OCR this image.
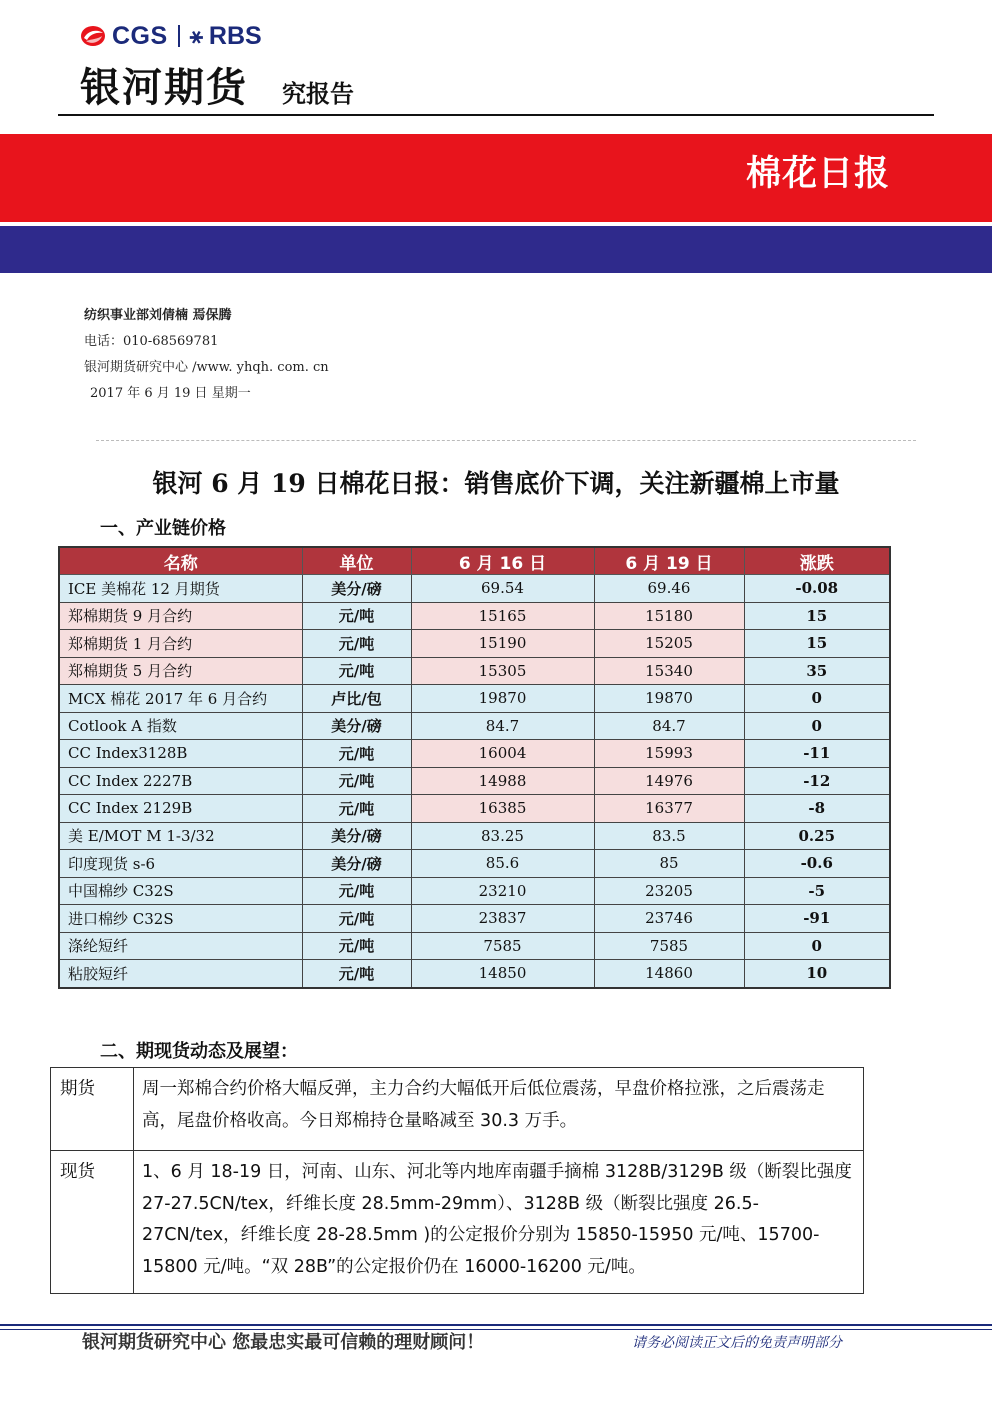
CGS ⚹ RBS
银河期货 究报告
棉花日报
纺织事业部刘倩楠 焉保腾
电话：010-68569781
银河期货研究中心 /www. yhqh. com. cn
2017 年 6 月 19 日 星期一
银河 6 月 19 日棉花日报：销售底价下调，关注新疆棉上市量
一、产业链价格
名称	单位	6 月 16 日	6 月 19 日	涨跌
ICE 美棉花 12 月期货	美分/磅	69.54	69.46	-0.08
郑棉期货 9 月合约	元/吨	15165	15180	15
郑棉期货 1 月合约	元/吨	15190	15205	15
郑棉期货 5 月合约	元/吨	15305	15340	35
MCX 棉花 2017 年 6 月合约	卢比/包	19870	19870	0
Cotlook A 指数	美分/磅	84.7	84.7	0
CC Index3128B	元/吨	16004	15993	-11
CC Index 2227B	元/吨	14988	14976	-12
CC Index 2129B	元/吨	16385	16377	-8
美 E/MOT M 1-3/32	美分/磅	83.25	83.5	0.25
印度现货 s-6	美分/磅	85.6	85	-0.6
中国棉纱 C32S	元/吨	23210	23205	-5
进口棉纱 C32S	元/吨	23837	23746	-91
涤纶短纤	元/吨	7585	7585	0
粘胶短纤	元/吨	14850	14860	10
二、期现货动态及展望：
期货	周一郑棉合约价格大幅反弹，主力合约大幅低开后低位震荡，早盘价格拉涨，之后震荡走高，尾盘价格收高。今日郑棉持仓量略减至 30.3 万手。
现货	1、6 月 18-19 日，河南、山东、河北等内地库南疆手摘棉 3128B/3129B 级（断裂比强度 27-27.5CN/tex，纤维长度 28.5mm-29mm）、3128B 级（断裂比强度 26.5-27CN/tex，纤维长度 28-28.5mm )的公定报价分别为 15850-15950 元/吨、15700-15800 元/吨。“双 28B”的公定报价仍在 16000-16200 元/吨。
银河期货研究中心 您最忠实最可信赖的理财顾问！	请务必阅读正文后的免责声明部分
